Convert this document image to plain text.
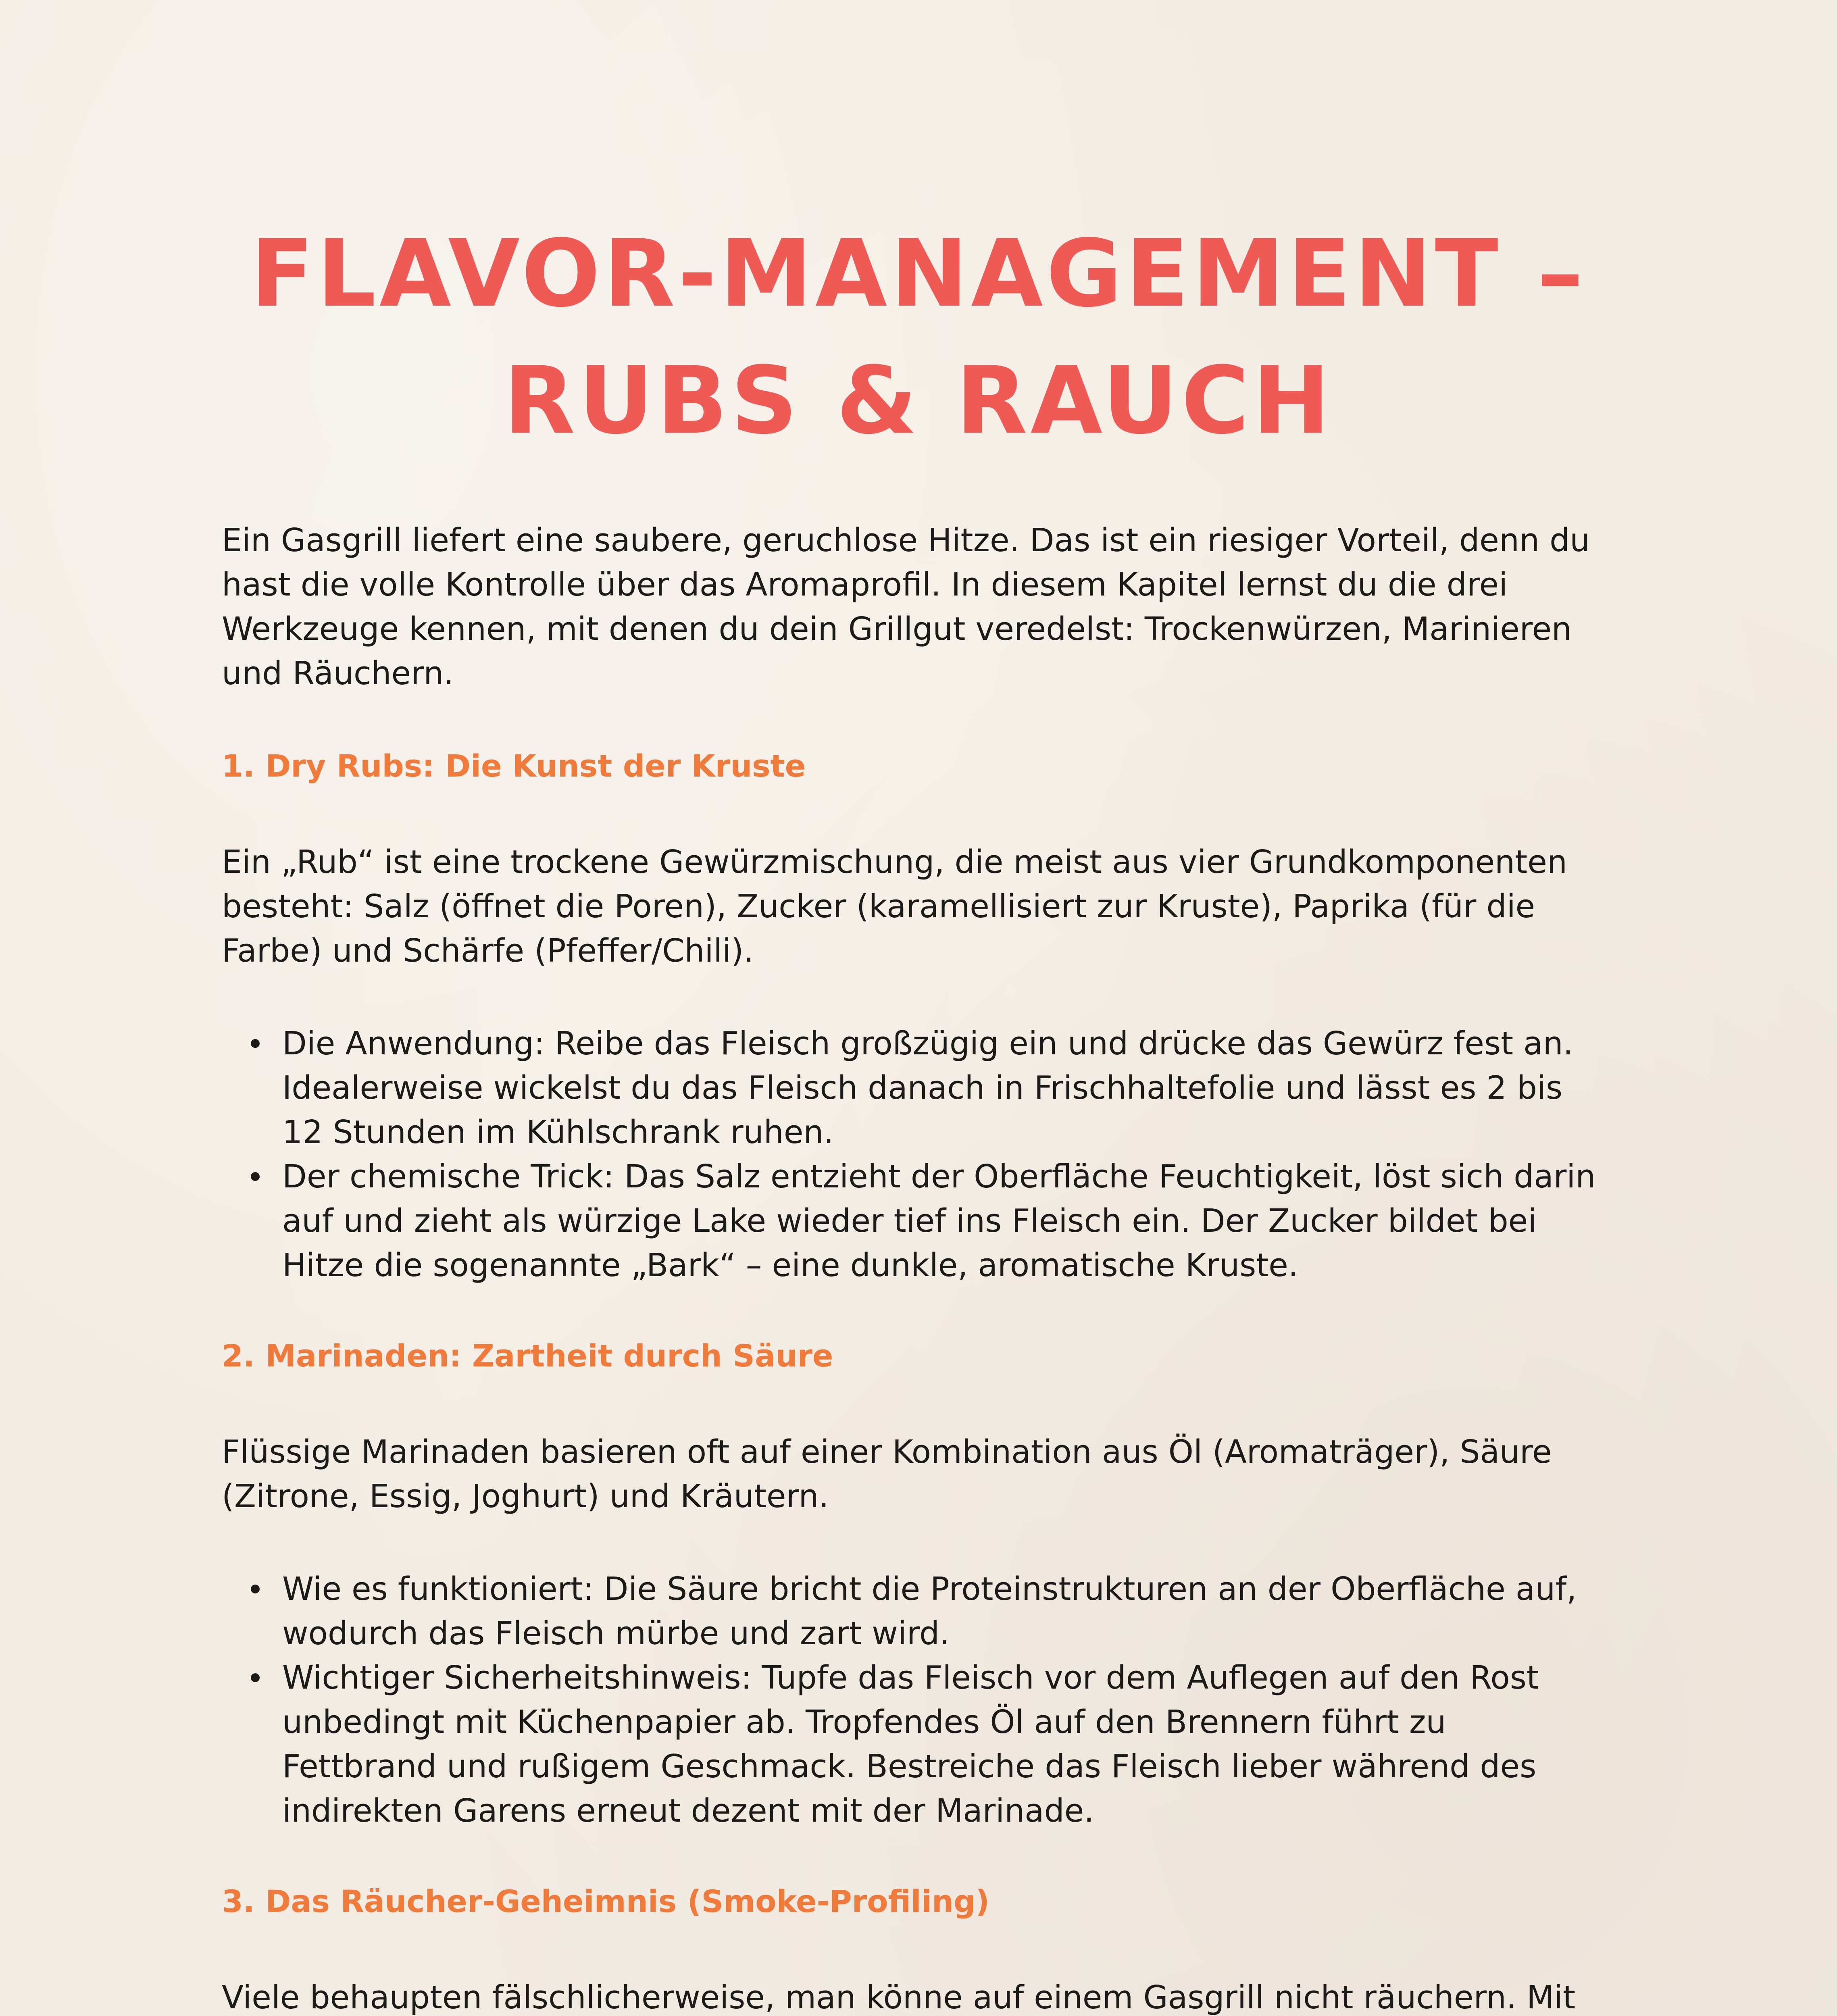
FLAVOR-MANAGEMENT –
RUBS & RAUCH

Ein Gasgrill liefert eine saubere, geruchlose Hitze. Das ist ein riesiger Vorteil, denn du hast die volle Kontrolle über das Aromaprofil. In diesem Kapitel lernst du die drei Werkzeuge kennen, mit denen du dein Grillgut veredelst: Trockenwürzen, Marinieren und Räuchern.

1. Dry Rubs: Die Kunst der Kruste

Ein „Rub“ ist eine trockene Gewürzmischung, die meist aus vier Grundkomponenten besteht: Salz (öffnet die Poren), Zucker (karamellisiert zur Kruste), Paprika (für die Farbe) und Schärfe (Pfeffer/Chili).

Die Anwendung: Reibe das Fleisch großzügig ein und drücke das Gewürz fest an. Idealerweise wickelst du das Fleisch danach in Frischhaltefolie und lässt es 2 bis 12 Stunden im Kühlschrank ruhen.
Der chemische Trick: Das Salz entzieht der Oberfläche Feuchtigkeit, löst sich darin auf und zieht als würzige Lake wieder tief ins Fleisch ein. Der Zucker bildet bei Hitze die sogenannte „Bark“ – eine dunkle, aromatische Kruste.
2. Marinaden: Zartheit durch Säure

Flüssige Marinaden basieren oft auf einer Kombination aus Öl (Aromaträger), Säure (Zitrone, Essig, Joghurt) und Kräutern.

Wie es funktioniert: Die Säure bricht die Proteinstrukturen an der Oberfläche auf, wodurch das Fleisch mürbe und zart wird.
Wichtiger Sicherheitshinweis: Tupfe das Fleisch vor dem Auflegen auf den Rost unbedingt mit Küchenpapier ab. Tropfendes Öl auf den Brennern führt zu Fettbrand und rußigem Geschmack. Bestreiche das Fleisch lieber während des indirekten Garens erneut dezent mit der Marinade.
3. Das Räucher-Geheimnis (Smoke-Profiling)

Viele behaupten fälschlicherweise, man könne auf einem Gasgrill nicht räuchern. Mit
